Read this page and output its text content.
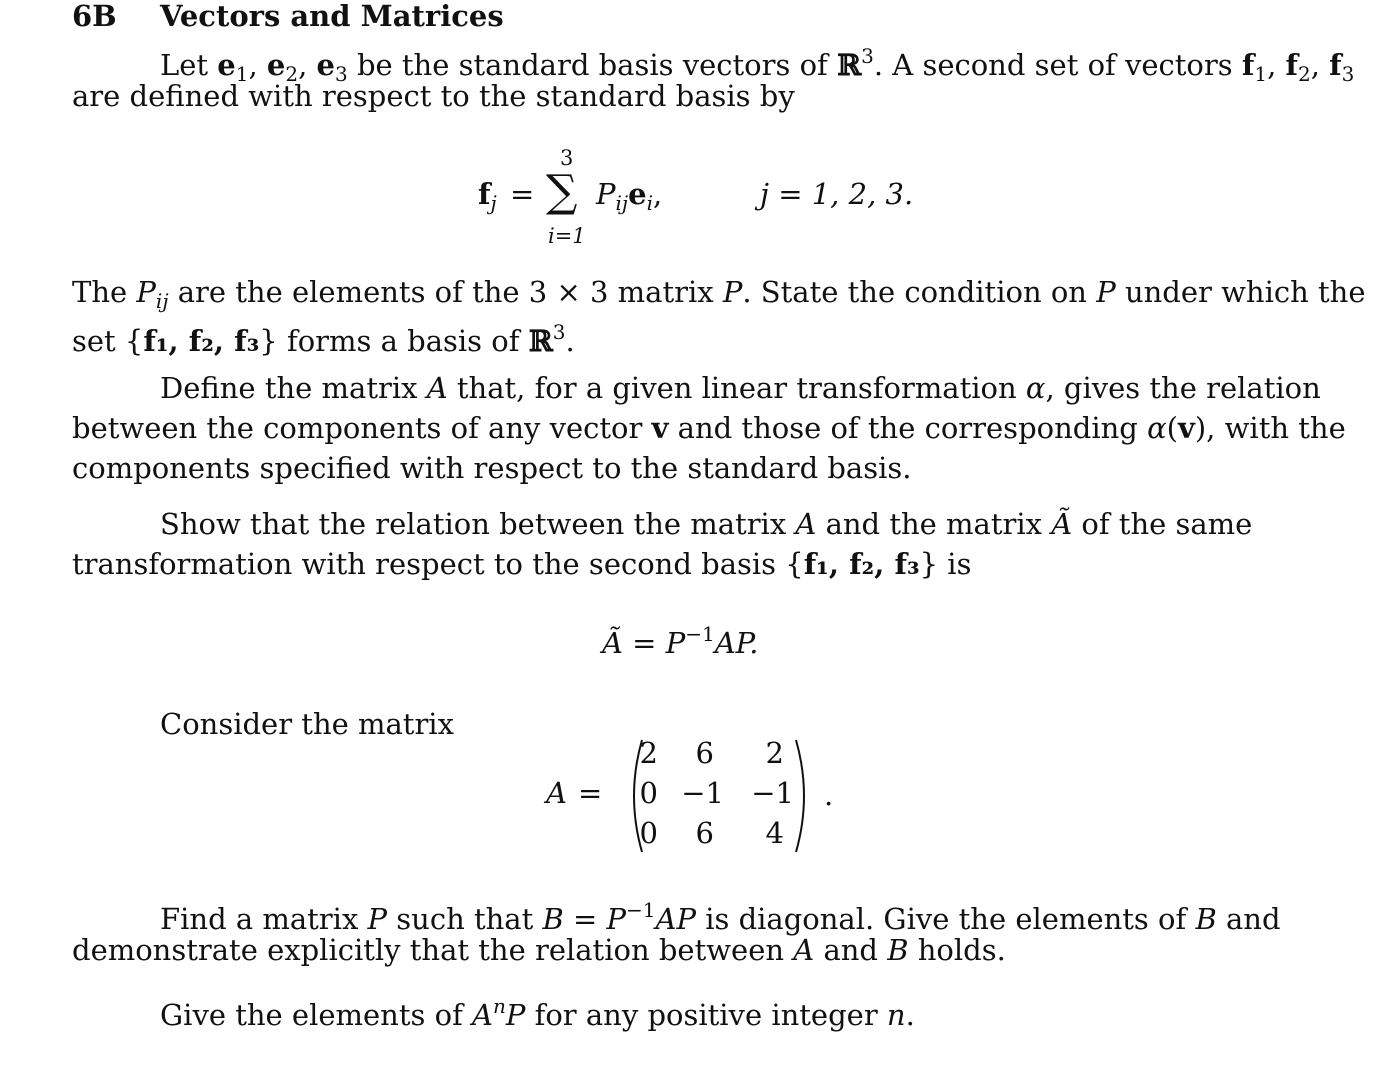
6B Vectors and Matrices
Let $e_1$, $e_2$, $e_3$ be the standard basis vectors of ℝ$^3$. A second set of vectors $f_1$, $f_2$, $f_3$
are defined with respect to the standard basis by
$f_j$ =
3
∑
i=1
$P_{ij}e_i$,	j = 1, 2, 3.
The $P_{ij}$ are the elements of the 3 × 3 matrix P. State the condition on P under which the
set {f₁, f₂, f₃} forms a basis of ℝ$^3$.
Define the matrix A that, for a given linear transformation α, gives the relation
between the components of any vector v and those of the corresponding α(v), with the
components specified with respect to the standard basis.
Show that the relation between the matrix A and the matrix Ã of the same
transformation with respect to the second basis {f₁, f₂, f₃} is
Ã = $P^{-1}AP$.
Consider the matrix
A =
2	6	2
0 −1 −1
0	6	4
.
Find a matrix P such that $B = P^{-1}AP$ is diagonal. Give the elements of B and
demonstrate explicitly that the relation between A and B holds.
Give the elements of $A^nP$ for any positive integer n.
